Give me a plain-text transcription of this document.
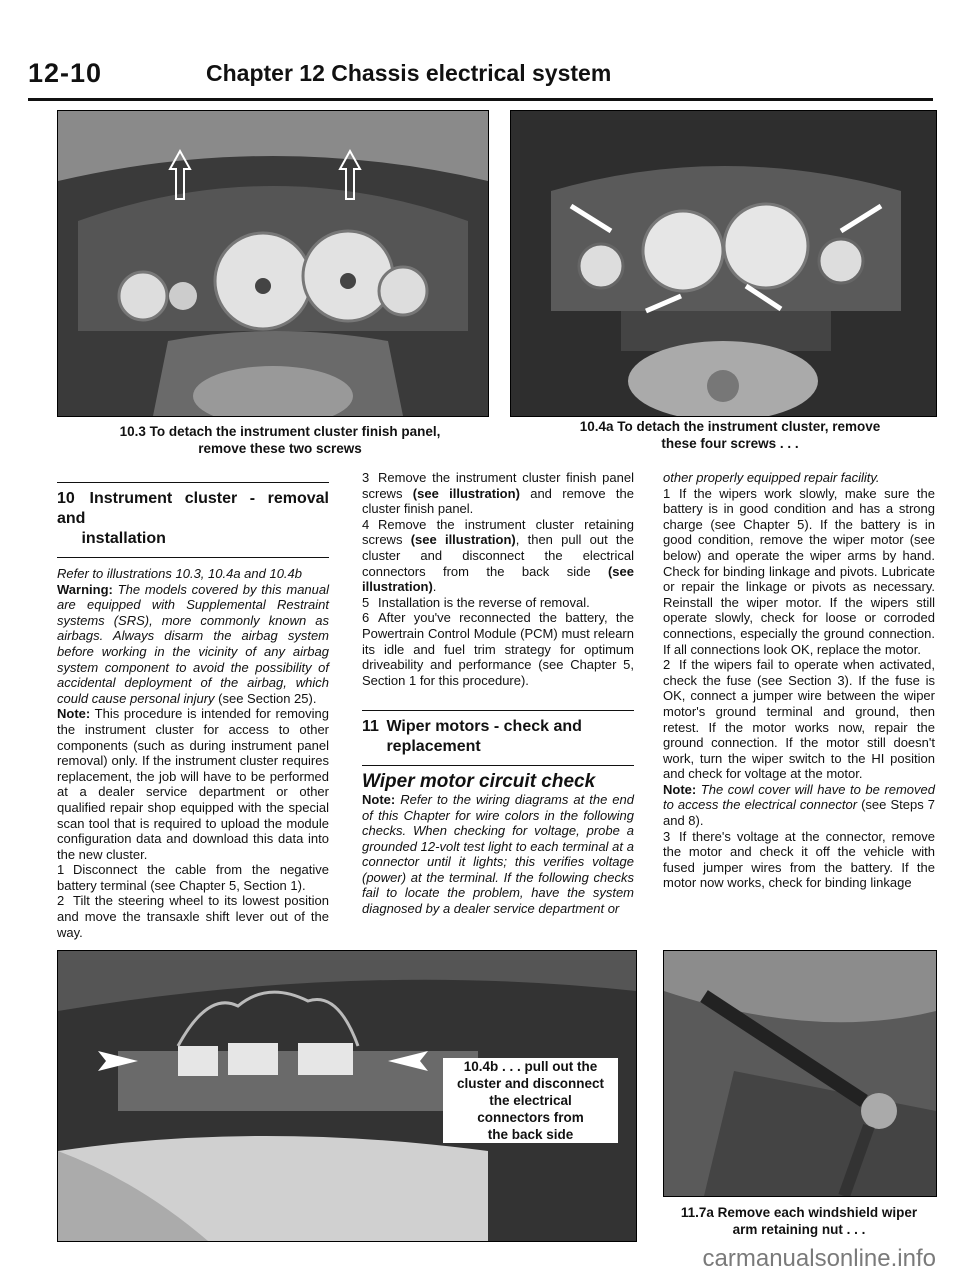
12-10	Chapter 12 Chassis electrical system
10.3 To detach the instrument cluster finish panel,
remove these two screws
10.4a To detach the instrument cluster, remove
these four screws . . .
10 Instrument cluster - removal and
installation

Refer to illustrations 10.3, 10.4a and 10.4b

Warning: The models covered by this manual are equipped with Supplemental Restraint systems (SRS), more commonly known as airbags. Always disarm the airbag system before working in the vicinity of any airbag system component to avoid the possibility of accidental deployment of the airbag, which could cause personal injury (see Section 25).

Note: This procedure is intended for removing the instrument cluster for access to other components (such as during instrument panel removal) only. If the instrument cluster requires replacement, the job will have to be performed at a dealer service department or other qualified repair shop equipped with the special scan tool that is required to upload the module configuration data and download this data into the new cluster.

1 Disconnect the cable from the negative battery terminal (see Chapter 5, Section 1).

2 Tilt the steering wheel to its lowest position and move the transaxle shift lever out of the way.

3 Remove the instrument cluster finish panel screws (see illustration) and remove the cluster finish panel.

4 Remove the instrument cluster retaining screws (see illustration), then pull out the cluster and disconnect the electrical connectors from the back side (see illustration).

5 Installation is the reverse of removal.

6 After you've reconnected the battery, the Powertrain Control Module (PCM) must relearn its idle and fuel trim strategy for optimum driveability and performance (see Chapter 5, Section 1 for this procedure).

11 Wiper motors - check and
replacement
Wiper motor circuit check

Note: Refer to the wiring diagrams at the end of this Chapter for wire colors in the following checks. When checking for voltage, probe a grounded 12-volt test light to each terminal at a connector until it lights; this verifies voltage (power) at the terminal. If the following checks fail to locate the problem, have the system diagnosed by a dealer service department or

other properly equipped repair facility.

1 If the wipers work slowly, make sure the battery is in good condition and has a strong charge (see Chapter 5). If the battery is in good condition, remove the wiper motor (see below) and operate the wiper arms by hand. Check for binding linkage and pivots. Lubricate or repair the linkage or pivots as necessary. Reinstall the wiper motor. If the wipers still operate slowly, check for loose or corroded connections, especially the ground connection. If all connections look OK, replace the motor.

2 If the wipers fail to operate when activated, check the fuse (see Section 3). If the fuse is OK, connect a jumper wire between the wiper motor's ground terminal and ground, then retest. If the motor works now, repair the ground connection. If the motor still doesn't work, turn the wiper switch to the HI position and check for voltage at the motor.

Note: The cowl cover will have to be removed to access the electrical connector (see Steps 7 and 8).

3 If there's voltage at the connector, remove the motor and check it off the vehicle with fused jumper wires from the battery. If the motor now works, check for binding linkage

10.4b . . . pull out the
cluster and disconnect
the electrical
connectors from
the back side
11.7a Remove each windshield wiper
arm retaining nut . . .
carmanualsonline.info
